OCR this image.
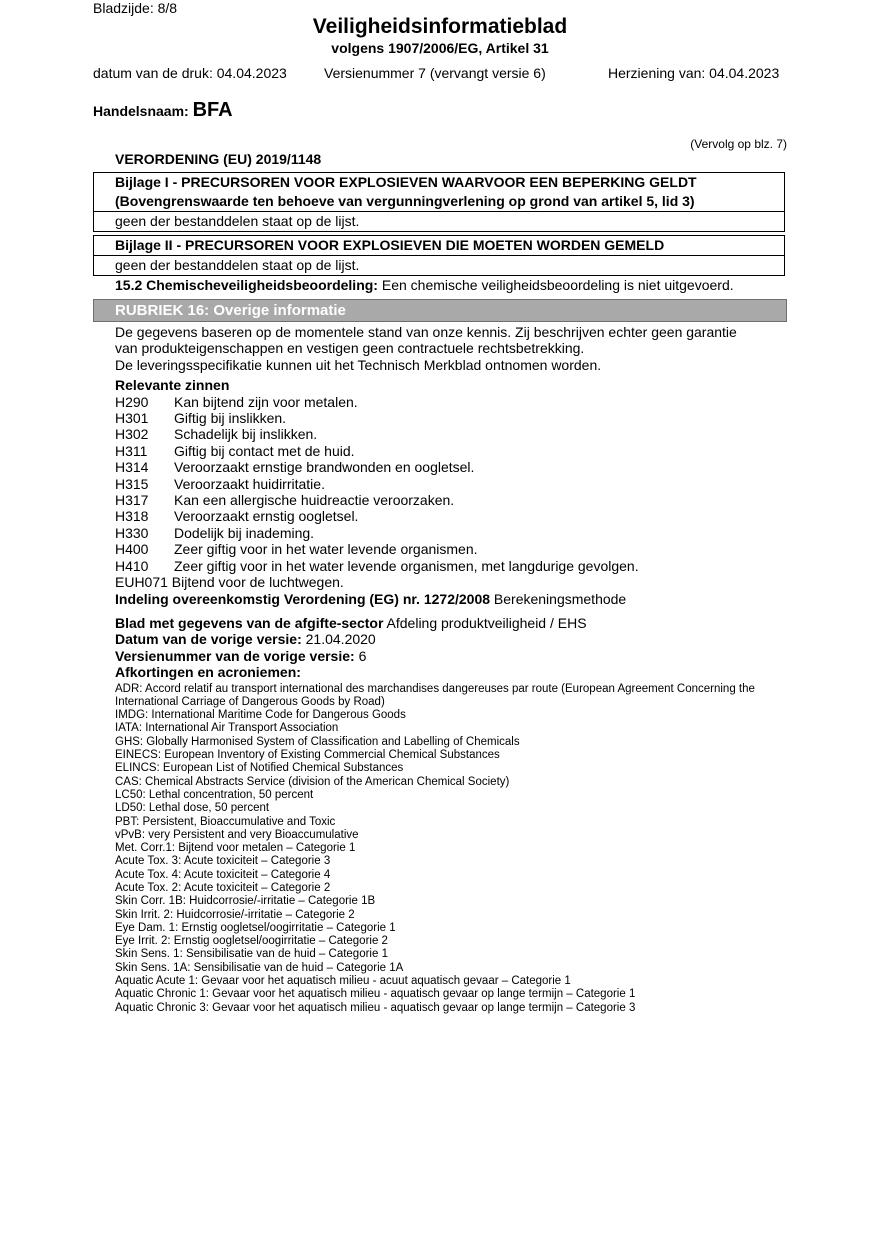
Bladzijde: 8/8
Veiligheidsinformatieblad
volgens 1907/2006/EG, Artikel 31
datum van de druk: 04.04.2023	Versienummer 7 (vervangt versie 6)	Herziening van: 04.04.2023
Handelsnaam: BFA
(Vervolg op blz. 7)
VERORDENING (EU) 2019/1148
Bijlage I - PRECURSOREN VOOR EXPLOSIEVEN WAARVOOR EEN BEPERKING GELDT
(Bovengrenswaarde ten behoeve van vergunningverlening op grond van artikel 5, lid 3)
geen der bestanddelen staat op de lijst.
Bijlage II - PRECURSOREN VOOR EXPLOSIEVEN DIE MOETEN WORDEN GEMELD
geen der bestanddelen staat op de lijst.
15.2 Chemischeveiligheidsbeoordeling: Een chemische veiligheidsbeoordeling is niet uitgevoerd.
RUBRIEK 16: Overige informatie

De gegevens baseren op de momentele stand van onze kennis. Zij beschrijven echter geen garantie

van produkteigenschappen en vestigen geen contractuele rechtsbetrekking.

De leveringsspecifikatie kunnen uit het Technisch Merkblad ontnomen worden.

Relevante zinnen

H290	Kan bijtend zijn voor metalen.
H301	Giftig bij inslikken.
H302	Schadelijk bij inslikken.
H311	Giftig bij contact met de huid.
H314	Veroorzaakt ernstige brandwonden en oogletsel.
H315	Veroorzaakt huidirritatie.
H317	Kan een allergische huidreactie veroorzaken.
H318	Veroorzaakt ernstig oogletsel.
H330	Dodelijk bij inademing.
H400	Zeer giftig voor in het water levende organismen.
H410	Zeer giftig voor in het water levende organismen, met langdurige gevolgen.

EUH071 Bijtend voor de luchtwegen.

Indeling overeenkomstig Verordening (EG) nr. 1272/2008 Berekeningsmethode

Blad met gegevens van de afgifte-sector Afdeling produktveiligheid / EHS

Datum van de vorige versie: 21.04.2020

Versienummer van de vorige versie: 6

Afkortingen en acroniemen:

ADR: Accord relatif au transport international des marchandises dangereuses par route (European Agreement Concerning the

International Carriage of Dangerous Goods by Road)

IMDG: International Maritime Code for Dangerous Goods

IATA: International Air Transport Association

GHS: Globally Harmonised System of Classification and Labelling of Chemicals

EINECS: European Inventory of Existing Commercial Chemical Substances

ELINCS: European List of Notified Chemical Substances

CAS: Chemical Abstracts Service (division of the American Chemical Society)

LC50: Lethal concentration, 50 percent

LD50: Lethal dose, 50 percent

PBT: Persistent, Bioaccumulative and Toxic

vPvB: very Persistent and very Bioaccumulative

Met. Corr.1: Bijtend voor metalen – Categorie 1

Acute Tox. 3: Acute toxiciteit – Categorie 3

Acute Tox. 4: Acute toxiciteit – Categorie 4

Acute Tox. 2: Acute toxiciteit – Categorie 2

Skin Corr. 1B: Huidcorrosie/-irritatie – Categorie 1B

Skin Irrit. 2: Huidcorrosie/-irritatie – Categorie 2

Eye Dam. 1: Ernstig oogletsel/oogirritatie – Categorie 1

Eye Irrit. 2: Ernstig oogletsel/oogirritatie – Categorie 2

Skin Sens. 1: Sensibilisatie van de huid – Categorie 1

Skin Sens. 1A: Sensibilisatie van de huid – Categorie 1A

Aquatic Acute 1: Gevaar voor het aquatisch milieu - acuut aquatisch gevaar – Categorie 1

Aquatic Chronic 1: Gevaar voor het aquatisch milieu - aquatisch gevaar op lange termijn – Categorie 1

Aquatic Chronic 3: Gevaar voor het aquatisch milieu - aquatisch gevaar op lange termijn – Categorie 3
